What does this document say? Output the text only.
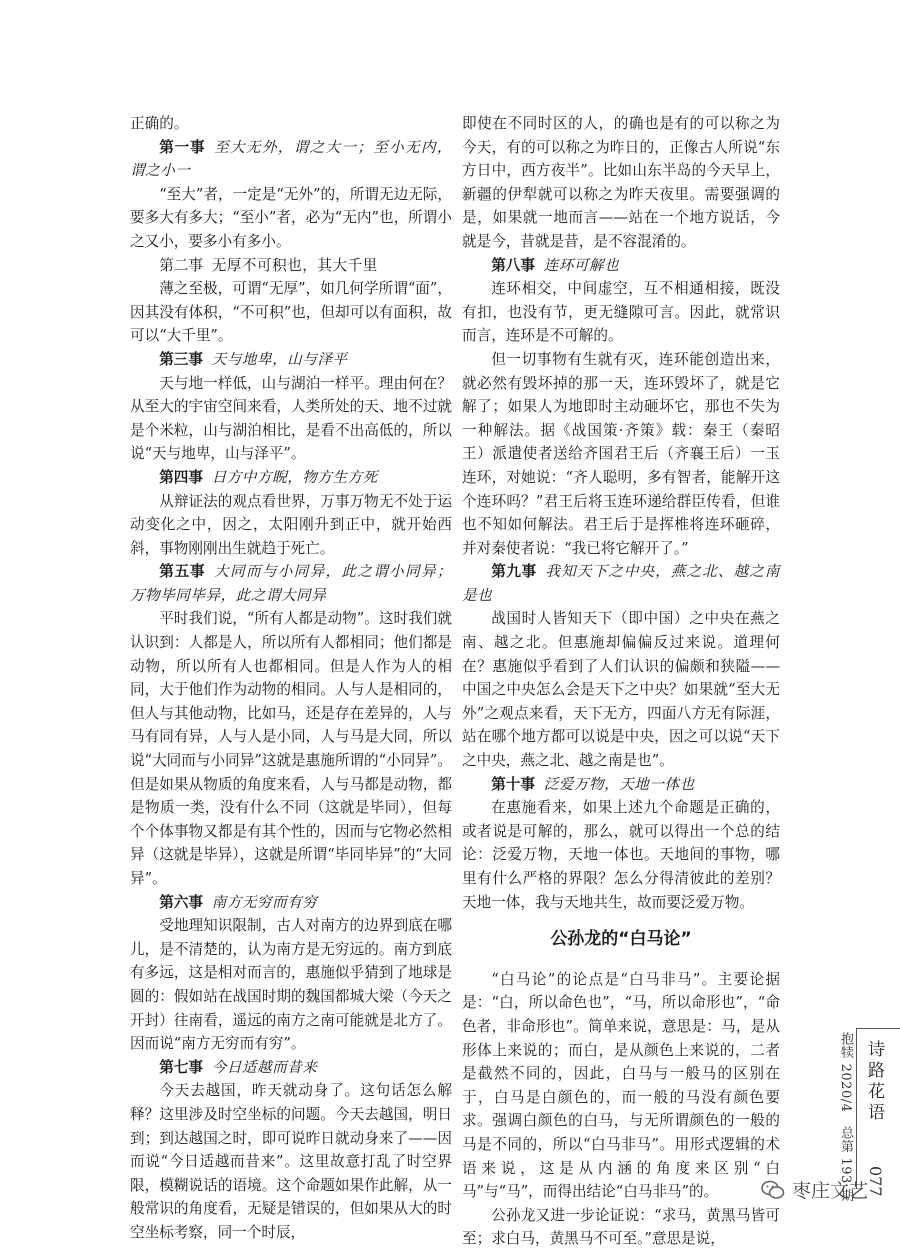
正确的。

第一事 至大无外，谓之大一；至小无内，谓之小一

“至大”者，一定是“无外”的，所谓无边无际，要多大有多大；“至小”者，必为“无内”也，所谓小之又小，要多小有多小。

第二事 无厚不可积也，其大千里

薄之至极，可谓“无厚”，如几何学所谓“面”，因其没有体积，“不可积”也，但却可以有面积，故可以“大千里”。

第三事 天与地卑，山与泽平

天与地一样低，山与湖泊一样平。理由何在？从至大的宇宙空间来看，人类所处的天、地不过就是个米粒，山与湖泊相比，是看不出高低的，所以说“天与地卑，山与泽平”。

第四事 日方中方睨，物方生方死

从辩证法的观点看世界，万事万物无不处于运动变化之中，因之，太阳刚升到正中，就开始西斜，事物刚刚出生就趋于死亡。

第五事 大同而与小同异，此之谓小同异；万物毕同毕异，此之谓大同异

平时我们说，“所有人都是动物”。这时我们就认识到：人都是人，所以所有人都相同；他们都是动物，所以所有人也都相同。但是人作为人的相同，大于他们作为动物的相同。人与人是相同的，但人与其他动物，比如马，还是存在差异的，人与马有同有异，人与人是小同，人与马是大同，所以说“大同而与小同异”这就是惠施所谓的“小同异”。但是如果从物质的角度来看，人与马都是动物，都是物质一类，没有什么不同（这就是毕同），但每个个体事物又都是有其个性的，因而与它物必然相异（这就是毕异），这就是所谓“毕同毕异”的“大同异”。

第六事 南方无穷而有穷

受地理知识限制，古人对南方的边界到底在哪儿，是不清楚的，认为南方是无穷远的。南方到底有多远，这是相对而言的，惠施似乎猜到了地球是圆的：假如站在战国时期的魏国都城大梁（今天之开封）往南看，遥远的南方之南可能就是北方了。因而说“南方无穷而有穷”。

第七事 今日适越而昔来

今天去越国，昨天就动身了。这句话怎么解释？这里涉及时空坐标的问题。今天去越国，明日到；到达越国之时，即可说昨日就动身来了——因而说“今日适越而昔来”。这里故意打乱了时空界限，模糊说话的语境。这个命题如果作此解，从一般常识的角度看，无疑是错误的，但如果从大的时空坐标考察，同一个时辰，

即使在不同时区的人，的确也是有的可以称之为今天，有的可以称之为昨日的，正像古人所说“东方日中，西方夜半”。比如山东半岛的今天早上，新疆的伊犁就可以称之为昨天夜里。需要强调的是，如果就一地而言——站在一个地方说话，今就是今，昔就是昔，是不容混淆的。

第八事 连环可解也

连环相交，中间虚空，互不相通相接，既没有扣，也没有节，更无缝隙可言。因此，就常识而言，连环是不可解的。

但一切事物有生就有灭，连环能创造出来，就必然有毁坏掉的那一天，连环毁坏了，就是它解了；如果人为地即时主动砸坏它，那也不失为一种解法。据《战国策·齐策》载：秦王（秦昭王）派遣使者送给齐国君王后（齐襄王后）一玉连环，对她说：“齐人聪明，多有智者，能解开这个连环吗？”君王后将玉连环递给群臣传看，但谁也不知如何解法。君王后于是挥椎将连环砸碎，并对秦使者说：“我已将它解开了。”

第九事 我知天下之中央，燕之北、越之南是也

战国时人皆知天下（即中国）之中央在燕之南、越之北。但惠施却偏偏反过来说。道理何在？惠施似乎看到了人们认识的偏颇和狭隘——中国之中央怎么会是天下之中央？如果就“至大无外”之观点来看，天下无方，四面八方无有际涯，站在哪个地方都可以说是中央，因之可以说“天下之中央，燕之北、越之南是也”。

第十事 泛爱万物，天地一体也

在惠施看来，如果上述九个命题是正确的，或者说是可解的，那么，就可以得出一个总的结论：泛爱万物，天地一体也。天地间的事物，哪里有什么严格的界限？怎么分得清彼此的差别？天地一体，我与天地共生，故而要泛爱万物。

公孙龙的“白马论”

“白马论”的论点是“白马非马”。主要论据是：“白，所以命色也”，“马，所以命形也”，“命色者，非命形也”。简单来说，意思是：马，是从形体上来说的；而白，是从颜色上来说的，二者是截然不同的，因此，白马与一般马的区别在于，白马是白颜色的，而一般的马没有颜色要求。强调白颜色的白马，与无所谓颜色的一般的马是不同的，所以“白马非马”。用形式逻辑的术语来说，这是从内涵的角度来区别“白马”与“马”，而得出结论“白马非马”的。

公孙龙又进一步论证说：“求马，黄黑马皆可至；求白马，黄黑马不可至。”意思是说，

抱犊 2020/4　总第 193 期 诗路花语
077
枣庄文艺
